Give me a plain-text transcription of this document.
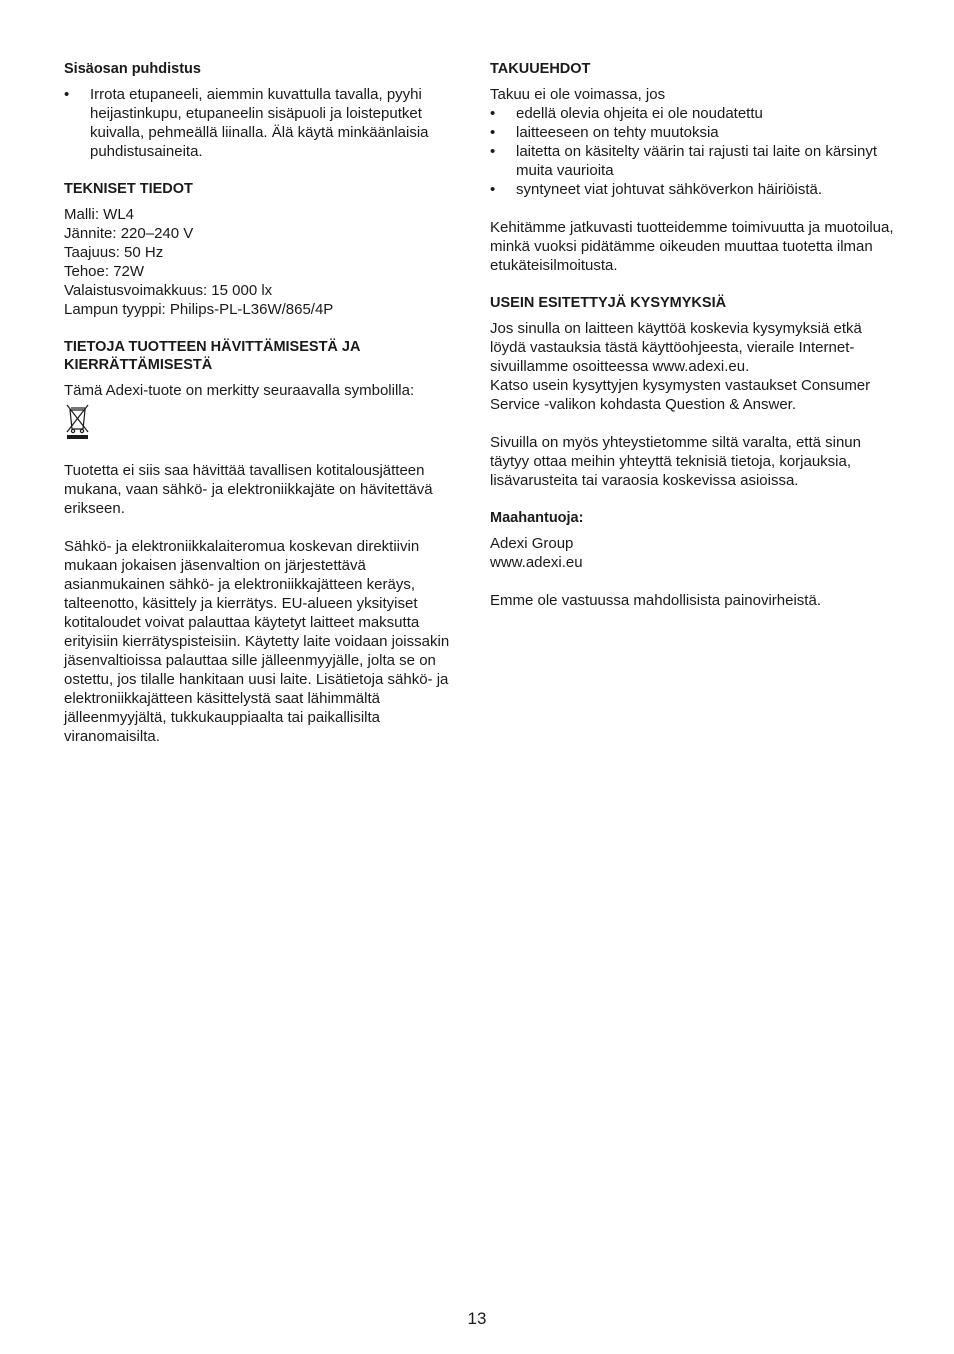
Sisäosan puhdistus
• Irrota etupaneeli, aiemmin kuvattulla tavalla, pyyhi heijastinkupu, etupaneelin sisäpuoli ja loisteputket kuivalla, pehmeällä liinalla. Älä käytä minkäänlaisia puhdistusaineita.
TEKNISET TIEDOT
Malli: WL4
Jännite: 220–240 V
Taajuus: 50 Hz
Tehoe: 72W
Valaistusvoimakkuus: 15 000 lx
Lampun tyyppi: Philips-PL-L36W/865/4P
TIETOJA TUOTTEEN HÄVITTÄMISESTÄ JA KIERRÄTTÄMISESTÄ

Tämä Adexi-tuote on merkitty seuraavalla symbolilla:

Tuotetta ei siis saa hävittää tavallisen kotitalousjätteen mukana, vaan sähkö- ja elektroniikkajäte on hävitettävä erikseen.

Sähkö- ja elektroniikkalaiteromua koskevan direktiivin mukaan jokaisen jäsenvaltion on järjestettävä asianmukainen sähkö- ja elektroniikkajätteen keräys, talteenotto, käsittely ja kierrätys. EU-alueen yksityiset kotitaloudet voivat palauttaa käytetyt laitteet maksutta erityisiin kierrätyspisteisiin. Käytetty laite voidaan joissakin jäsenvaltioissa palauttaa sille jälleenmyyjälle, jolta se on ostettu, jos tilalle hankitaan uusi laite. Lisätietoja sähkö- ja elektroniikkajätteen käsittelystä saat lähimmältä jälleenmyyjältä, tukkukauppiaalta tai paikallisilta viranomaisilta.

TAKUUEHDOT

Takuu ei ole voimassa, jos

• edellä olevia ohjeita ei ole noudatettu
• laitteeseen on tehty muutoksia
• laitetta on käsitelty väärin tai rajusti tai laite on kärsinyt muita vaurioita
• syntyneet viat johtuvat sähköverkon häiriöistä.

Kehitämme jatkuvasti tuotteidemme toimivuutta ja muotoilua, minkä vuoksi pidätämme oikeuden muuttaa tuotetta ilman etukäteisilmoitusta.

USEIN ESITETTYJÄ KYSYMYKSIÄ

Jos sinulla on laitteen käyttöä koskevia kysymyksiä etkä löydä vastauksia tästä käyttöohjeesta, vieraile Internet-sivuillamme osoitteessa www.adexi.eu.

Katso usein kysyttyjen kysymysten vastaukset Consumer Service -valikon kohdasta Question & Answer.

Sivuilla on myös yhteystietomme siltä varalta, että sinun täytyy ottaa meihin yhteyttä teknisiä tietoja, korjauksia, lisävarusteita tai varaosia koskevissa asioissa.

Maahantuoja:
Adexi Group
www.adexi.eu

Emme ole vastuussa mahdollisista painovirheistä.

13
